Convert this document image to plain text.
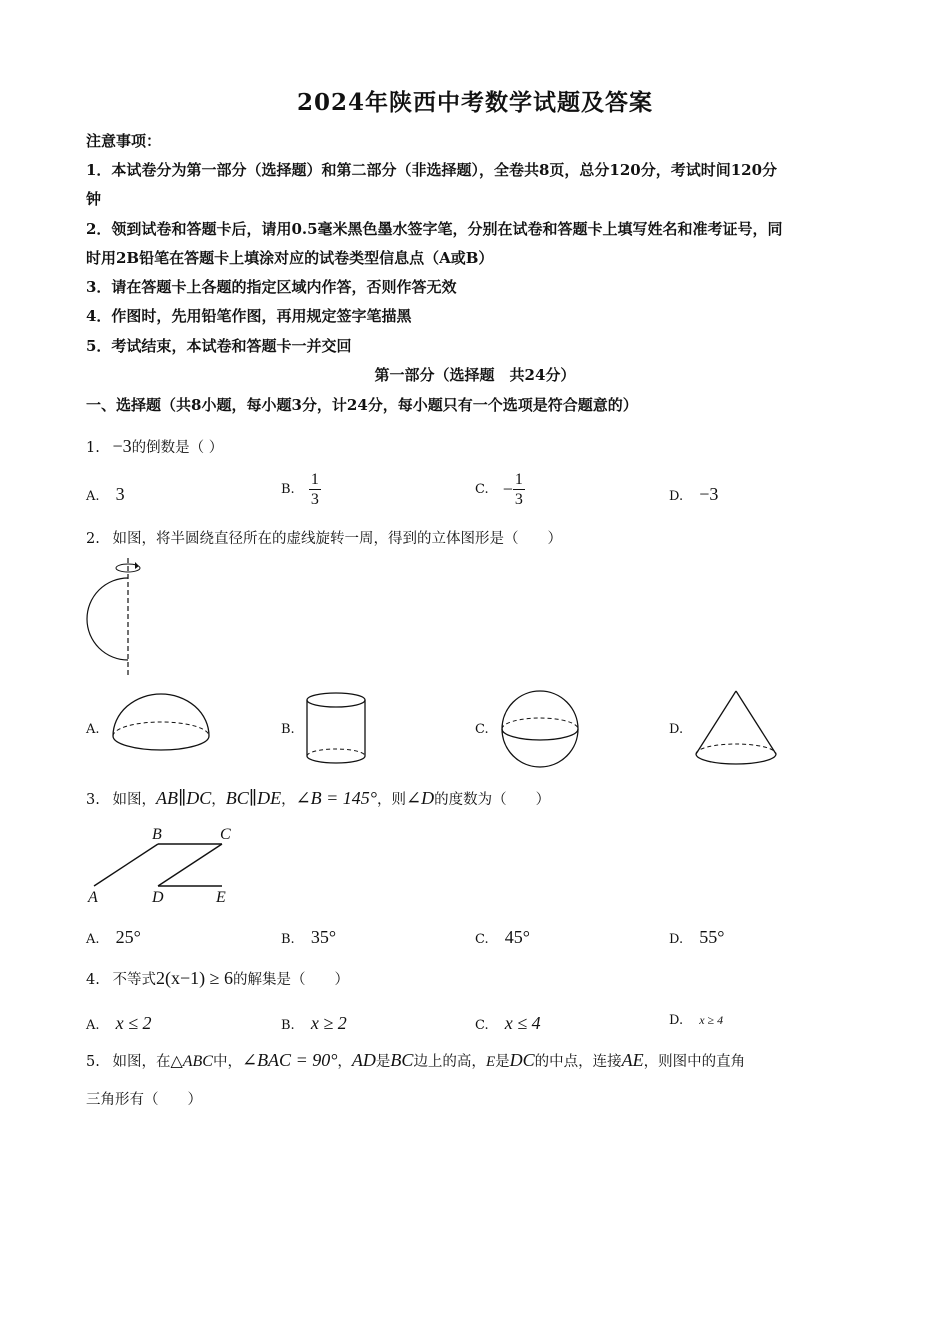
2024年陕西中考数学试题及答案
注意事项：
1．本试卷分为第一部分（选择题）和第二部分（非选择题），全卷共8页，总分120分，考试时间120分
钟
2．领到试卷和答题卡后，请用0.5毫米黑色墨水签字笔，分别在试卷和答题卡上填写姓名和准考证号，同
时用2B铅笔在答题卡上填涂对应的试卷类型信息点（A或B）
3．请在答题卡上各题的指定区域内作答，否则作答无效
4．作图时，先用铅笔作图，再用规定签字笔描黑
5．考试结束，本试卷和答题卡一并交回
第一部分（选择题　共24分）
一、选择题（共8小题，每小题3分，计24分，每小题只有一个选项是符合题意的）
1. −3的倒数是（ ）
A. 3	B. $\frac{1}{3}$	C. − $\frac{1}{3}$	D. −3
2. 如图，将半圆绕直径所在的虚线旋转一周，得到的立体图形是（　　）
A.	B.	C.	D.
3. 如图，AB∥DC，BC∥DE，∠B = 145°，则∠D的度数为（　　）
B	C
A	D	E
A. 25°	B. 35°	C. 45°	D. 55°
4. 不等式2(x−1) ≥ 6的解集是（　　）
A. x ≤ 2	B. x ≥ 2	C. x ≤ 4	D. x ≥ 4
5. 如图，在△ABC中，∠BAC = 90°，AD是BC边上的高，E是DC的中点，连接AE，则图中的直角
三角形有（　　）
